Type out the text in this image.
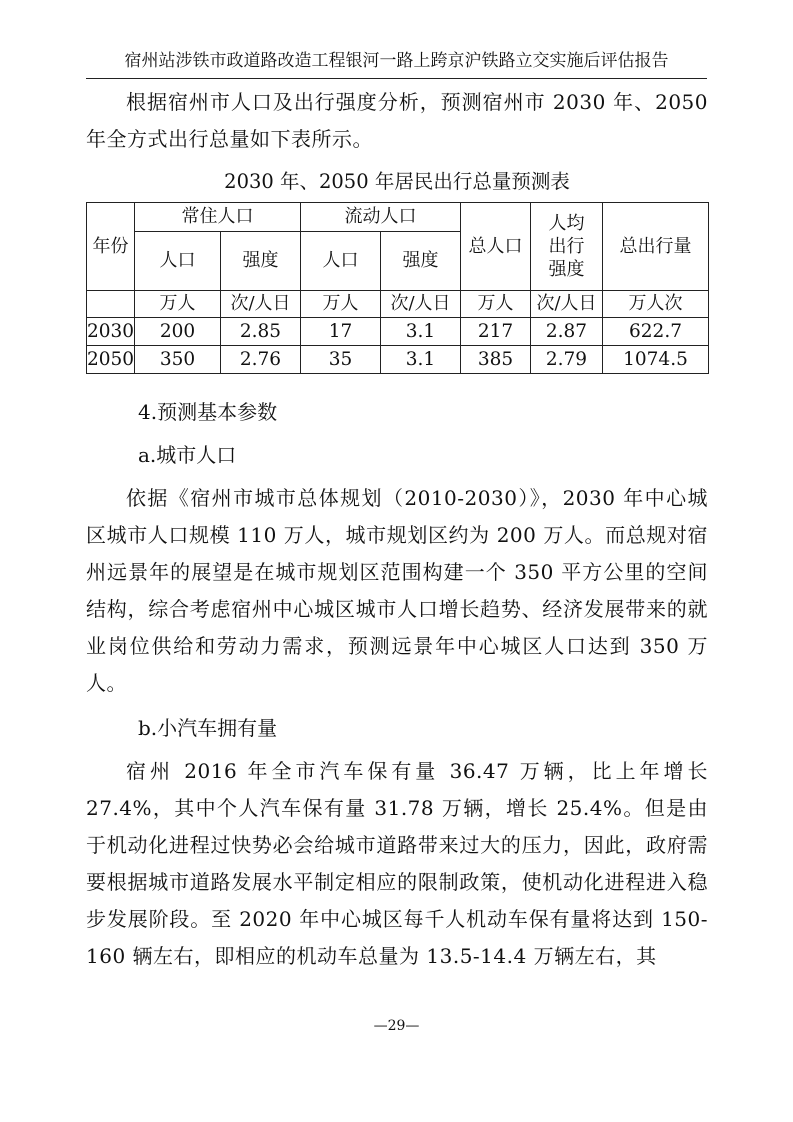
宿州站涉铁市政道路改造工程银河一路上跨京沪铁路立交实施后评估报告

根据宿州市人口及出行强度分析，预测宿州市 2030 年、2050 年全方式出行总量如下表所示。

2030 年、2050 年居民出行总量预测表
年份	常住人口		流动人口		总人口	人均出行强度	总出行量
	人口	强度	人口	强度			
	万人	次/人日	万人	次/人日	万人	次/人日	万人次
2030	200	2.85	17	3.1	217	2.87	622.7
2050	350	2.76	35	3.1	385	2.79	1074.5

4.预测基本参数

a.城市人口

依据《宿州市城市总体规划（2010-2030）》，2030 年中心城区城市人口规模 110 万人，城市规划区约为 200 万人。而总规对宿州远景年的展望是在城市规划区范围构建一个 350 平方公里的空间结构，综合考虑宿州中心城区城市人口增长趋势、经济发展带来的就业岗位供给和劳动力需求，预测远景年中心城区人口达到 350 万人。

b.小汽车拥有量

宿州 2016 年全市汽车保有量 36.47 万辆，比上年增长 27.4%，其中个人汽车保有量 31.78 万辆，增长 25.4%。但是由于机动化进程过快势必会给城市道路带来过大的压力，因此，政府需要根据城市道路发展水平制定相应的限制政策，使机动化进程进入稳步发展阶段。至 2020 年中心城区每千人机动车保有量将达到 150-160 辆左右，即相应的机动车总量为 13.5-14.4 万辆左右，其

—29—
